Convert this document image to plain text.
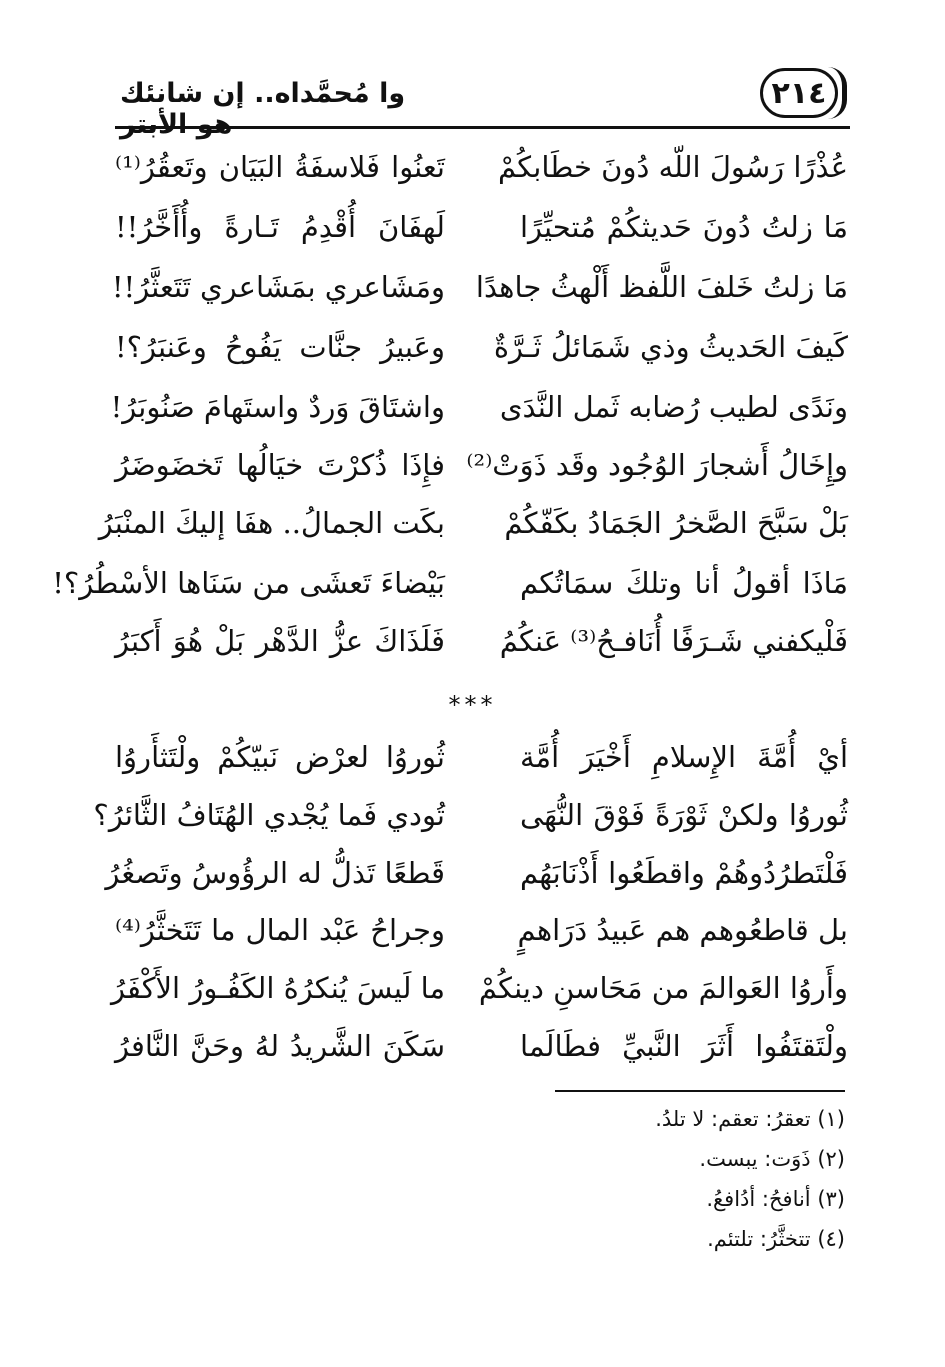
وا مُحمَّداه.. إن شانئك هو الأبتر
٢١٤
عُذْرًا رَسُولَ اللّه دُونَ خطَابكُمْ
تَعنُوا فَلاسفَةُ البَيَان وتَعقُرُ⁽¹⁾
مَا زلتُ دُونَ حَديثكُمْ مُتحيِّرًا
لَهفَانَ أُقْدِمُ تَـارةً وأُأَخَّرُ!!
مَا زلتُ خَلفَ اللَّفظ أَلْهثُ جاهدًا
ومَشَاعري بمَشَاعري تَتَعثَّرُ!!
كَيفَ الحَديثُ وذي شَمَائلُ ثَـرَّةٌ
وعَبيرُ جنَّات يَفُوحُ وعَنبَرُ؟!
ونَدًى لطيب رُضابه ثَمل النَّدَى
واشتَاقَ وَردٌ واستَهامَ صَنُوبَرُ!
وإِخَالُ أَشجارَ الوُجُود وقَد ذَوَتْ⁽²⁾
فإِذَا ذُكرْتَ خيَالُها تَخضَوضَرُ
بَلْ سَبَّحَ الصَّخرُ الجَمَادُ بكَفّكُمْ
بكَت الجمالُ.. هفَا إليكَ المنْبَرُ
مَاذَا أقولُ أنا وتلكَ سمَاتُكم
بَيْضاءَ تَعشَى من سَنَاها الأسْطُرُ؟!
فَلْيكفني شَـرَفًا أُنَافـحُ⁽³⁾ عَنكُمُ
فَلَذَاكَ عزُّ الدَّهْر بَلْ هُوَ أَكبَرُ
***
أيْ أُمَّةَ الإِسلامِ أَخْيَرَ أُمَّة
ثُوروُا لعرْض نَبيّكُمْ ولْتَثأَروُا
ثُوروُا ولكنْ ثَوْرَةً فَوْقَ النُّهَى
تُودي فَما يُجْدي الهُتَافُ الثَّائرُ؟
فَلْتَطرُدُوهُمْ واقطَعُوا أَذْنَابَهُم
قَطعًا تَذلُّ له الرؤُوسُ وتَصغُرُ
بل قاطعُوهم هم عَبيدُ دَرَاهمٍ
وجراحُ عَبْد المال ما تَتَخثَّرُ⁽⁴⁾
وأَروُا العَوالمَ من مَحَاسنِ دينكُمْ
ما لَيسَ يُنكرُهُ الكَفُـورُ الأَكْفَرُ
ولْتَقتَفُوا أَثَرَ النَّبيِّ فطَالَما
سَكَنَ الشَّريدُ لهُ وحَنَّ النَّافرُ
(١) تعقرُ: تعقم: لا تلدُ.
(٢) ذَوَت: يبست.
(٣) أنافحُ: أدُافعُ.
(٤) تتخثَّرُ: تلتئم.
